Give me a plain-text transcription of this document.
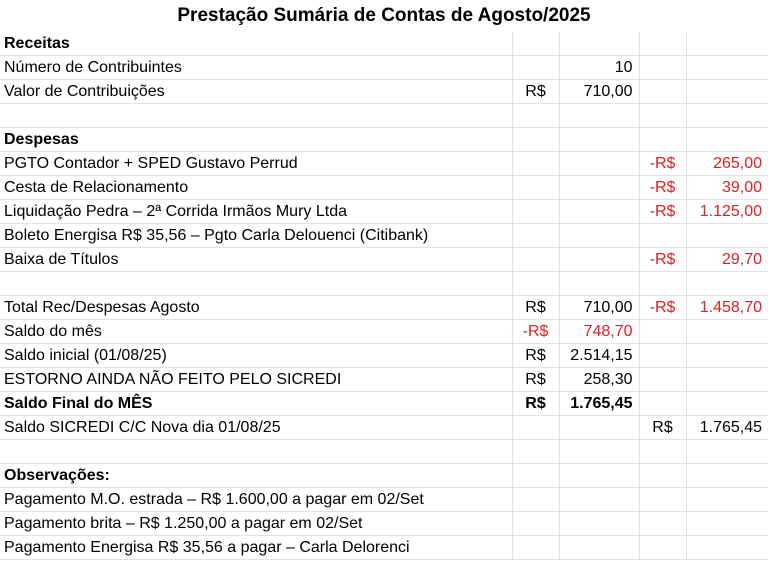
Prestação Sumária de Contas de Agosto/2025
Receitas				
Número de Contribuintes		10		
Valor de Contribuições	R$	710,00		

Despesas				
PGTO Contador + SPED Gustavo Perrud			-R$	265,00
Cesta de Relacionamento			-R$	39,00
Liquidação Pedra – 2ª Corrida Irmãos Mury Ltda			-R$	1.125,00
Boleto Energisa R$ 35,56 – Pgto Carla Delouenci (Citibank)				
Baixa de Títulos			-R$	29,70

Total Rec/Despesas Agosto	R$	710,00	-R$	1.458,70
Saldo do mês	-R$	748,70		
Saldo inicial (01/08/25)	R$	2.514,15		
ESTORNO AINDA NÃO FEITO PELO SICREDI	R$	258,30		
Saldo Final do MÊS	R$	1.765,45		
Saldo SICREDI C/C Nova dia 01/08/25			R$	1.765,45

Observações:				
Pagamento M.O. estrada – R$ 1.600,00 a pagar em 02/Set				
Pagamento brita – R$ 1.250,00 a pagar em 02/Set				
Pagamento Energisa R$ 35,56 a pagar – Carla Delorenci				
